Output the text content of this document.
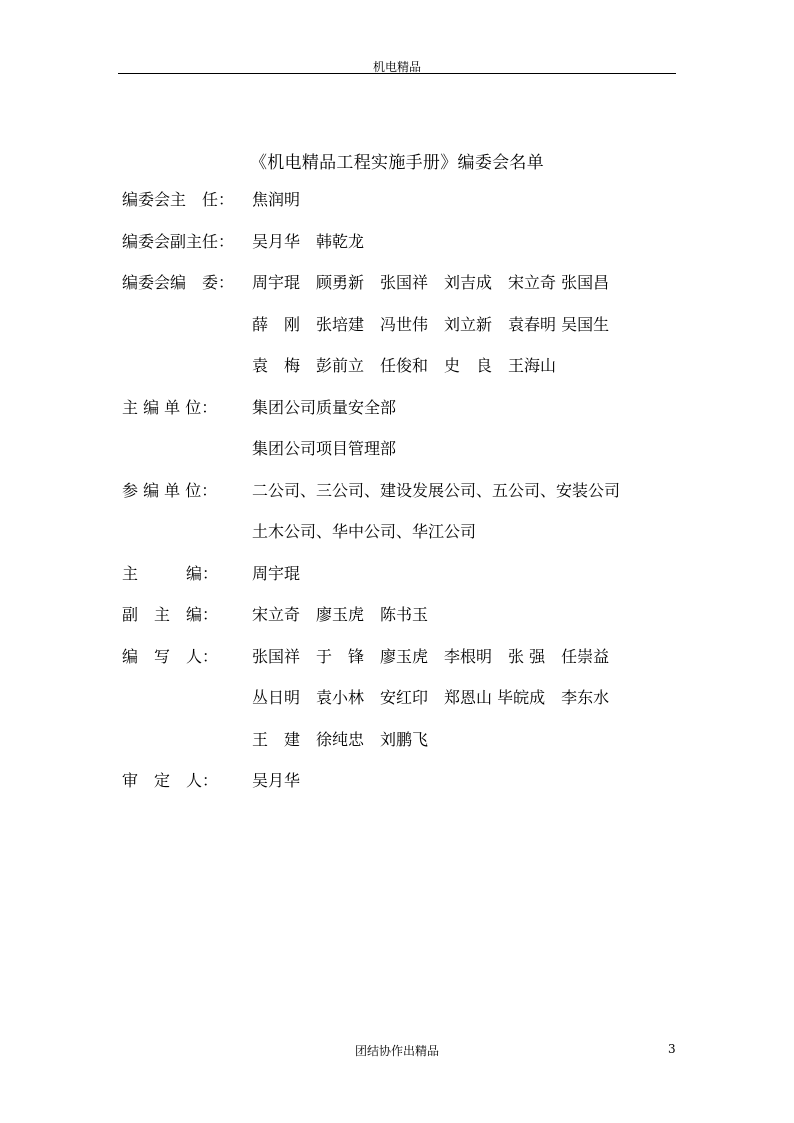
机电精品
《机电精品工程实施手册》编委会名单
编委会主　任：	焦润明
编委会副主任：	吴月华　韩乾龙
编委会编　委：	周宇琨　顾勇新　张国祥　刘吉成　宋立奇 张国昌
薛　刚　张培建　冯世伟　刘立新　袁春明 吴国生
袁　梅　彭前立　任俊和　史　良　王海山
主 编 单 位：	集团公司质量安全部
集团公司项目管理部
参 编 单 位：	二公司、三公司、建设发展公司、五公司、安装公司
土木公司、华中公司、华江公司
主　　　编：	周宇琨
副　主　编：	宋立奇　廖玉虎　陈书玉
编　写　人：	张国祥　于　锋　廖玉虎　李根明　张 强　任崇益
丛日明　袁小林　安红印　郑恩山 毕皖成　李东水
王　建　徐纯忠　刘鹏飞
审　定　人：	吴月华
团结协作出精品	3
